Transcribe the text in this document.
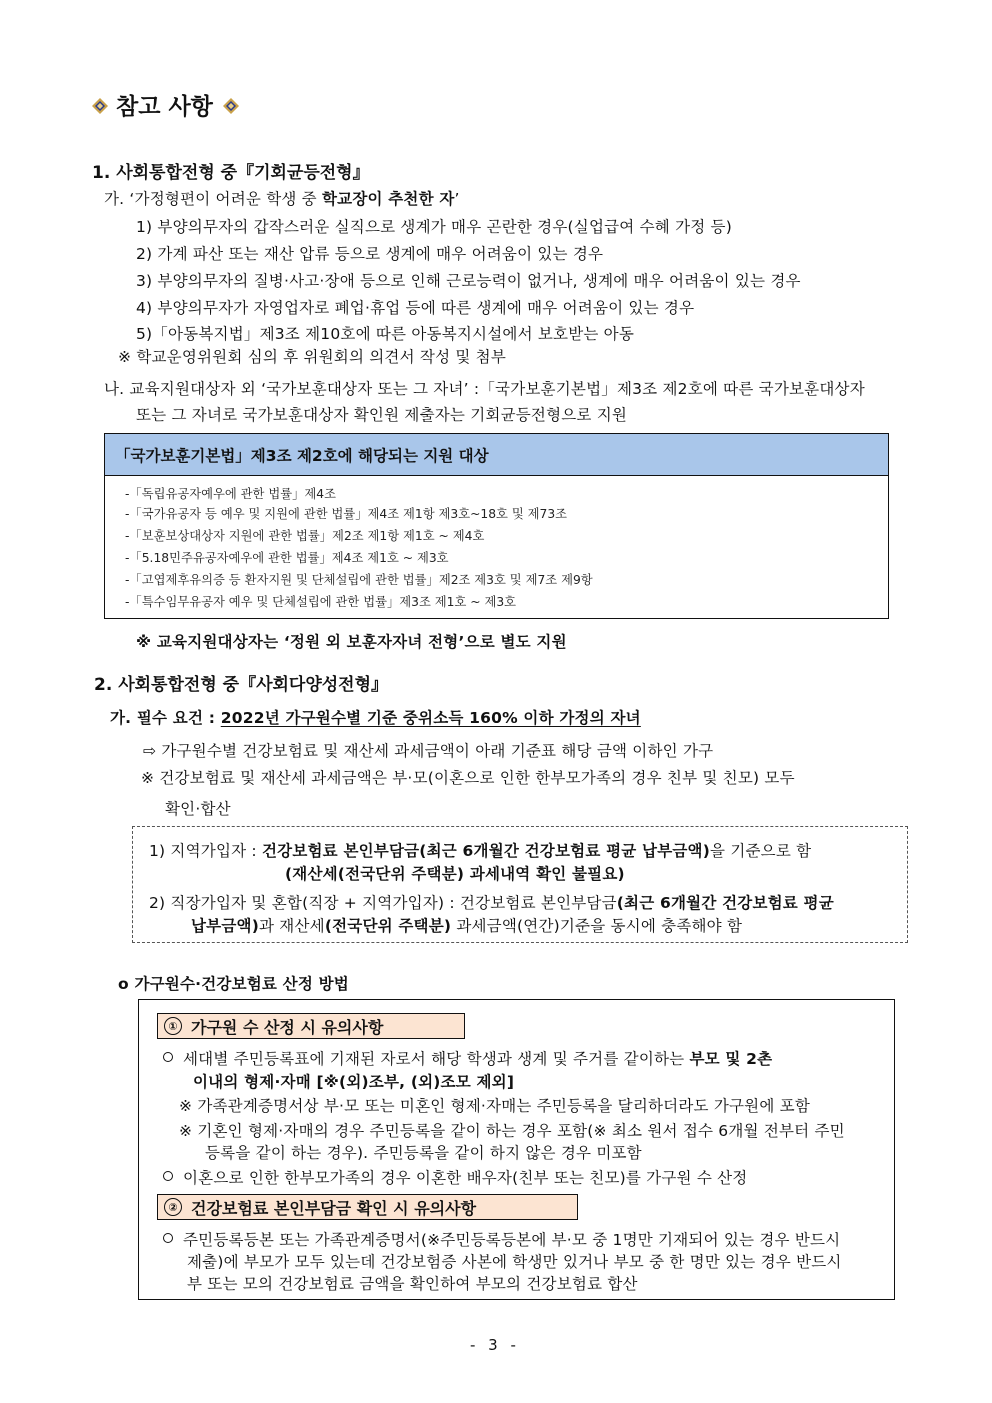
참고 사항
1. 사회통합전형 중『기회균등전형』
가. ‘가정형편이 어려운 학생 중 학교장이 추천한 자’
1) 부양의무자의 갑작스러운 실직으로 생계가 매우 곤란한 경우(실업급여 수혜 가정 등)
2) 가계 파산 또는 재산 압류 등으로 생계에 매우 어려움이 있는 경우
3) 부양의무자의 질병·사고·장애 등으로 인해 근로능력이 없거나, 생계에 매우 어려움이 있는 경우
4) 부양의무자가 자영업자로 폐업·휴업 등에 따른 생계에 매우 어려움이 있는 경우
5)「아동복지법」제3조 제10호에 따른 아동복지시설에서 보호받는 아동
※ 학교운영위원회 심의 후 위원회의 의견서 작성 및 첨부
나. 교육지원대상자 외 ‘국가보훈대상자 또는 그 자녀’ :「국가보훈기본법」제3조 제2호에 따른 국가보훈대상자
또는 그 자녀로 국가보훈대상자 확인원 제출자는 기회균등전형으로 지원
「국가보훈기본법」제3조 제2호에 해당되는 지원 대상
-「독립유공자예우에 관한 법률」제4조
-「국가유공자 등 예우 및 지원에 관한 법률」제4조 제1항 제3호~18호 및 제73조
-「보훈보상대상자 지원에 관한 법률」제2조 제1항 제1호 ~ 제4호
-「5.18민주유공자예우에 관한 법률」제4조 제1호 ~ 제3호
-「고엽제후유의증 등 환자지원 및 단체설립에 관한 법률」제2조 제3호 및 제7조 제9항
-「특수임무유공자 예우 및 단체설립에 관한 법률」제3조 제1호 ~ 제3호
※ 교육지원대상자는 ‘정원 외 보훈자자녀 전형’으로 별도 지원
2. 사회통합전형 중『사회다양성전형』
가. 필수 요건 : 2022년 가구원수별 기준 중위소득 160% 이하 가정의 자녀
⇨ 가구원수별 건강보험료 및 재산세 과세금액이 아래 기준표 해당 금액 이하인 가구
※ 건강보험료 및 재산세 과세금액은 부·모(이혼으로 인한 한부모가족의 경우 친부 및 친모) 모두
확인·합산
1) 지역가입자 : 건강보험료 본인부담금(최근 6개월간 건강보험료 평균 납부금액)을 기준으로 함
(재산세(전국단위 주택분) 과세내역 확인 불필요)
2) 직장가입자 및 혼합(직장 + 지역가입자) : 건강보험료 본인부담금(최근 6개월간 건강보험료 평균
납부금액)과 재산세(전국단위 주택분) 과세금액(연간)기준을 동시에 충족해야 함
o 가구원수·건강보험료 산정 방법
① 가구원 수 산정 시 유의사항
세대별 주민등록표에 기재된 자로서 해당 학생과 생계 및 주거를 같이하는 부모 및 2촌
이내의 형제·자매 [※(외)조부, (외)조모 제외]
※ 가족관계증명서상 부·모 또는 미혼인 형제·자매는 주민등록을 달리하더라도 가구원에 포함
※ 기혼인 형제·자매의 경우 주민등록을 같이 하는 경우 포함(※ 최소 원서 접수 6개월 전부터 주민
등록을 같이 하는 경우). 주민등록을 같이 하지 않은 경우 미포함
이혼으로 인한 한부모가족의 경우 이혼한 배우자(친부 또는 친모)를 가구원 수 산정
② 건강보험료 본인부담금 확인 시 유의사항
주민등록등본 또는 가족관계증명서(※주민등록등본에 부·모 중 1명만 기재되어 있는 경우 반드시
제출)에 부모가 모두 있는데 건강보험증 사본에 학생만 있거나 부모 중 한 명만 있는 경우 반드시
부 또는 모의 건강보험료 금액을 확인하여 부모의 건강보험료 합산
- 3 -
